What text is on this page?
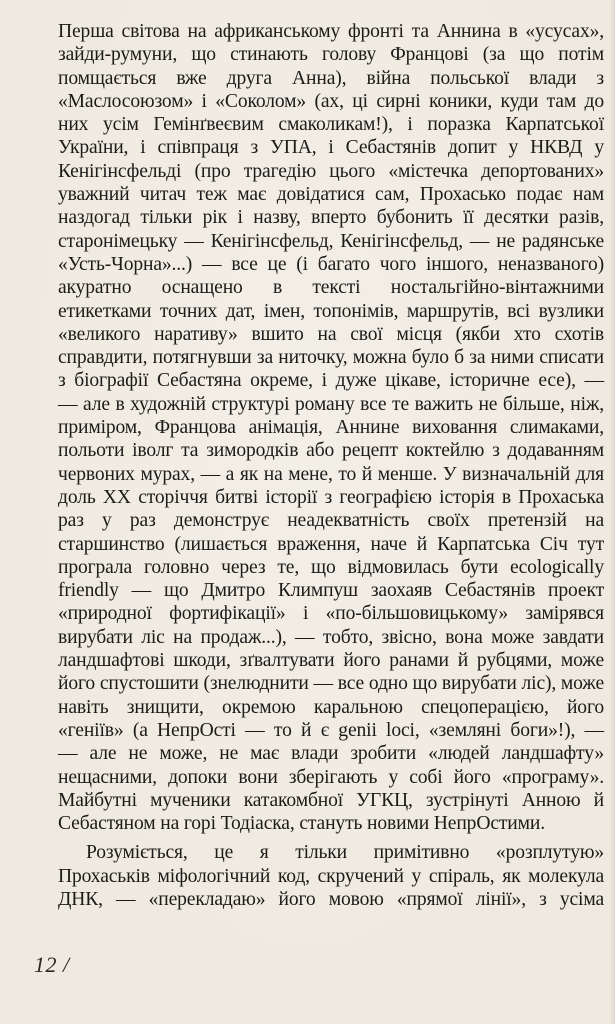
Перша світова на африканському фронті та Аннина в «усусах»,
зайди-румуни, що стинають голову Францові (за що потім
помщається вже друга Анна), війна польської влади з
«Маслосоюзом» і «Соколом» (ах, ці сирні коники, куди там до
них усім Гемінґвеєвим смаколикам!), і поразка Карпатської
України, і співпраця з УПА, і Себастянів допит у НКВД у
Кенігінсфельді (про трагедію цього «містечка депортованих»
уважний читач теж має довідатися сам, Прохасько подає нам
наздогад тільки рік і назву, вперто бубонить її десятки разів,
старонімецьку — Кенігінсфельд, Кенігінсфельд, — не радянське
«Усть-Чорна»...) — все це (і багато чого іншого, неназваного)
акуратно оснащено в тексті ностальгійно-вінтажними
етикетками точних дат, імен, топонімів, маршрутів, всі вузлики
«великого наративу» вшито на свої місця (якби хто схотів
справдити, потягнувши за ниточку, можна було б за ними списати
з біографії Себастяна окреме, і дуже цікаве, історичне есе), —
— але в художній структурі роману все те важить не більше, ніж,
приміром, Францова анімація, Аннине виховання слимаками,
польоти іволг та зимородків або рецепт коктейлю з додаванням
червоних мурах, — а як на мене, то й менше. У визначальній для
доль XX сторіччя битві історії з географією історія в Прохаська
раз у раз демонструє неадекватність своїх претензій на
старшинство (лишається враження, наче й Карпатська Січ тут
програла головно через те, що відмовилась бути ecologically
friendly — що Дмитро Климпуш заохаяв Себастянів проект
«природної фортифікації» і «по-більшовицькому» замірявся
вирубати ліс на продаж...), — тобто, звісно, вона може завдати
ландшафтові шкоди, зґвалтувати його ранами й рубцями, може
його спустошити (знелюднити — все одно що вирубати ліс), може
навіть знищити, окремою каральною спецоперацією, його
«геніїв» (а НепрОсті — то й є genii loci, «земляні боги»!), —
— але не може, не має влади зробити «людей ландшафту»
нещасними, допоки вони зберігають у собі його «програму».
Майбутні мученики катакомбної УГКЦ, зустрінуті Анною й
Себастяном на горі Тодіаска, стануть новими НепрОстими.
Розуміється, це я тільки примітивно «розплутую»
Прохаськів міфологічний код, скручений у спіраль, як молекула
ДНК, — «перекладаю» його мовою «прямої лінії», з усіма
12 /
